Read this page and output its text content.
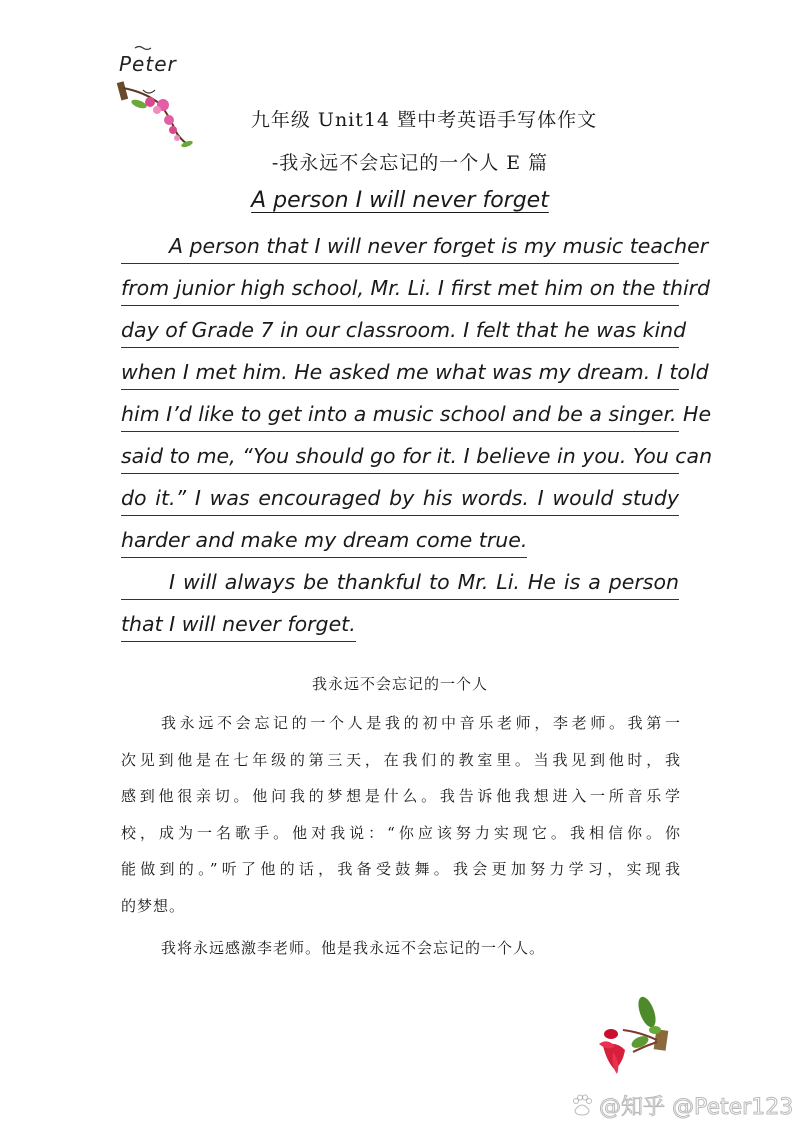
Peter
九年级 Unit14 暨中考英语手写体作文
-我永远不会忘记的一个人 E 篇
A person I will never forget
A person that I will never forget is my music teacher
from junior high school, Mr. Li. I first met him on the third
day of Grade 7 in our classroom. I felt that he was kind
when I met him. He asked me what was my dream. I told
him I’d like to get into a music school and be a singer. He
said to me, “You should go for it. I believe in you. You can
do it.” I was encouraged by his words. I would study
harder and make my dream come true.
I will always be thankful to Mr. Li. He is a person
that I will never forget.
我永远不会忘记的一个人
我永远不会忘记的一个人是我的初中音乐老师，李老师。我第一
次见到他是在七年级的第三天，在我们的教室里。当我见到他时，我
感到他很亲切。他问我的梦想是什么。我告诉他我想进入一所音乐学
校，成为一名歌手。他对我说：“你应该努力实现它。我相信你。你
能做到的。”听了他的话，我备受鼓舞。我会更加努力学习，实现我
的梦想。
我将永远感激李老师。他是我永远不会忘记的一个人。
@知乎 @Peter123
